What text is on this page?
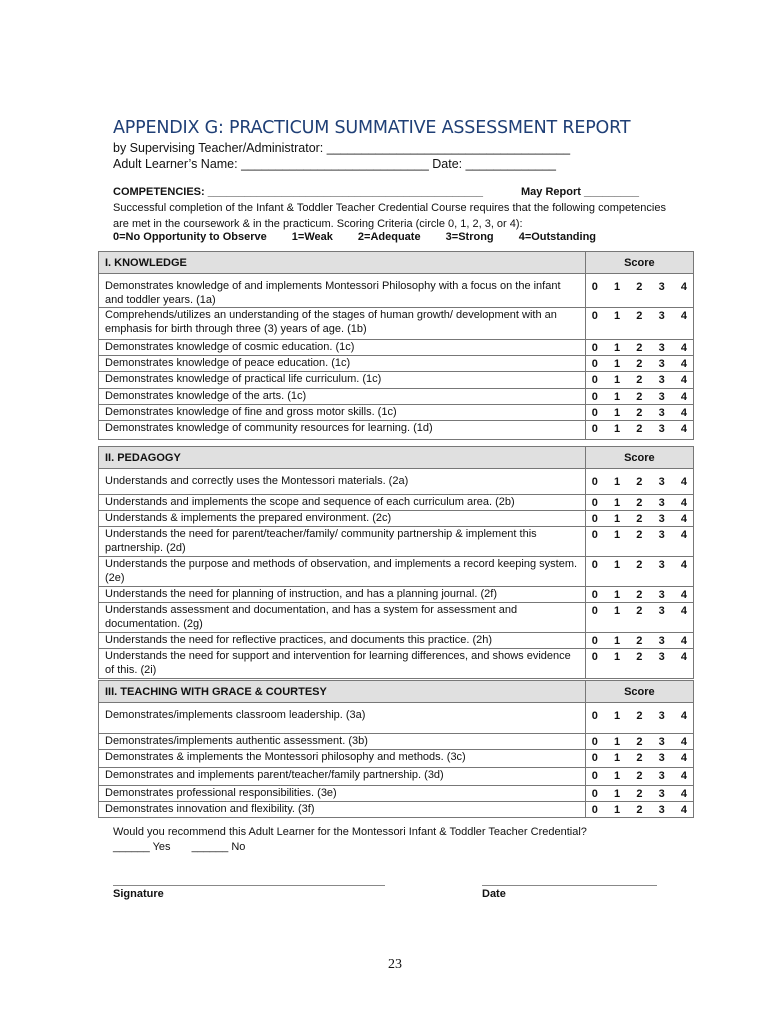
APPENDIX G: PRACTICUM SUMMATIVE ASSESSMENT REPORT
by Supervising Teacher/Administrator: ___________________________________
Adult Learner’s Name: ___________________________ Date: _____________
COMPETENCIES: _____________________________________________	May Report _________
Successful completion of the Infant & Toddler Teacher Credential Course requires that the following competencies are met in the coursework & in the practicum. Scoring Criteria (circle 0, 1, 2, 3, or 4):
0=No Opportunity to Observe 1=Weak 2=Adequate 3=Strong 4=Outstanding
I. KNOWLEDGE	Score
Demonstrates knowledge of and implements Montessori Philosophy with a focus on the infant and toddler years. (1a)	0 1 2 3 4

Comprehends/utilizes an understanding of the stages of human growth/ development with an emphasis for birth through three (3) years of age. (1b)	0 1 2 3 4

Demonstrates knowledge of cosmic education. (1c)	0 1 2 3 4

Demonstrates knowledge of peace education. (1c)	0 1 2 3 4

Demonstrates knowledge of practical life curriculum. (1c)	0 1 2 3 4

Demonstrates knowledge of the arts. (1c)	0 1 2 3 4

Demonstrates knowledge of fine and gross motor skills. (1c)	0 1 2 3 4

Demonstrates knowledge of community resources for learning. (1d)	0 1 2 3 4
II. PEDAGOGY	Score
Understands and correctly uses the Montessori materials. (2a)	0 1 2 3 4

Understands and implements the scope and sequence of each curriculum area. (2b)	0 1 2 3 4

Understands & implements the prepared environment. (2c)	0 1 2 3 4

Understands the need for parent/teacher/family/ community partnership & implement this partnership. (2d)	0 1 2 3 4

Understands the purpose and methods of observation, and implements a record keeping system. (2e)	0 1 2 3 4

Understands the need for planning of instruction, and has a planning journal. (2f)	0 1 2 3 4

Understands assessment and documentation, and has a system for assessment and documentation. (2g)	0 1 2 3 4

Understands the need for reflective practices, and documents this practice. (2h)	0 1 2 3 4

Understands the need for support and intervention for learning differences, and shows evidence of this. (2i)	0 1 2 3 4
III. TEACHING WITH GRACE & COURTESY	Score
Demonstrates/implements classroom leadership. (3a)	0 1 2 3 4

Demonstrates/implements authentic assessment. (3b)	0 1 2 3 4

Demonstrates & implements the Montessori philosophy and methods. (3c)	0 1 2 3 4

Demonstrates and implements parent/teacher/family partnership. (3d)	0 1 2 3 4

Demonstrates professional responsibilities. (3e)	0 1 2 3 4

Demonstrates innovation and flexibility. (3f)	0 1 2 3 4
Would you recommend this Adult Learner for the Montessori Infant & Toddler Teacher Credential?
______ Yes ______ No
Signature	Date
23
